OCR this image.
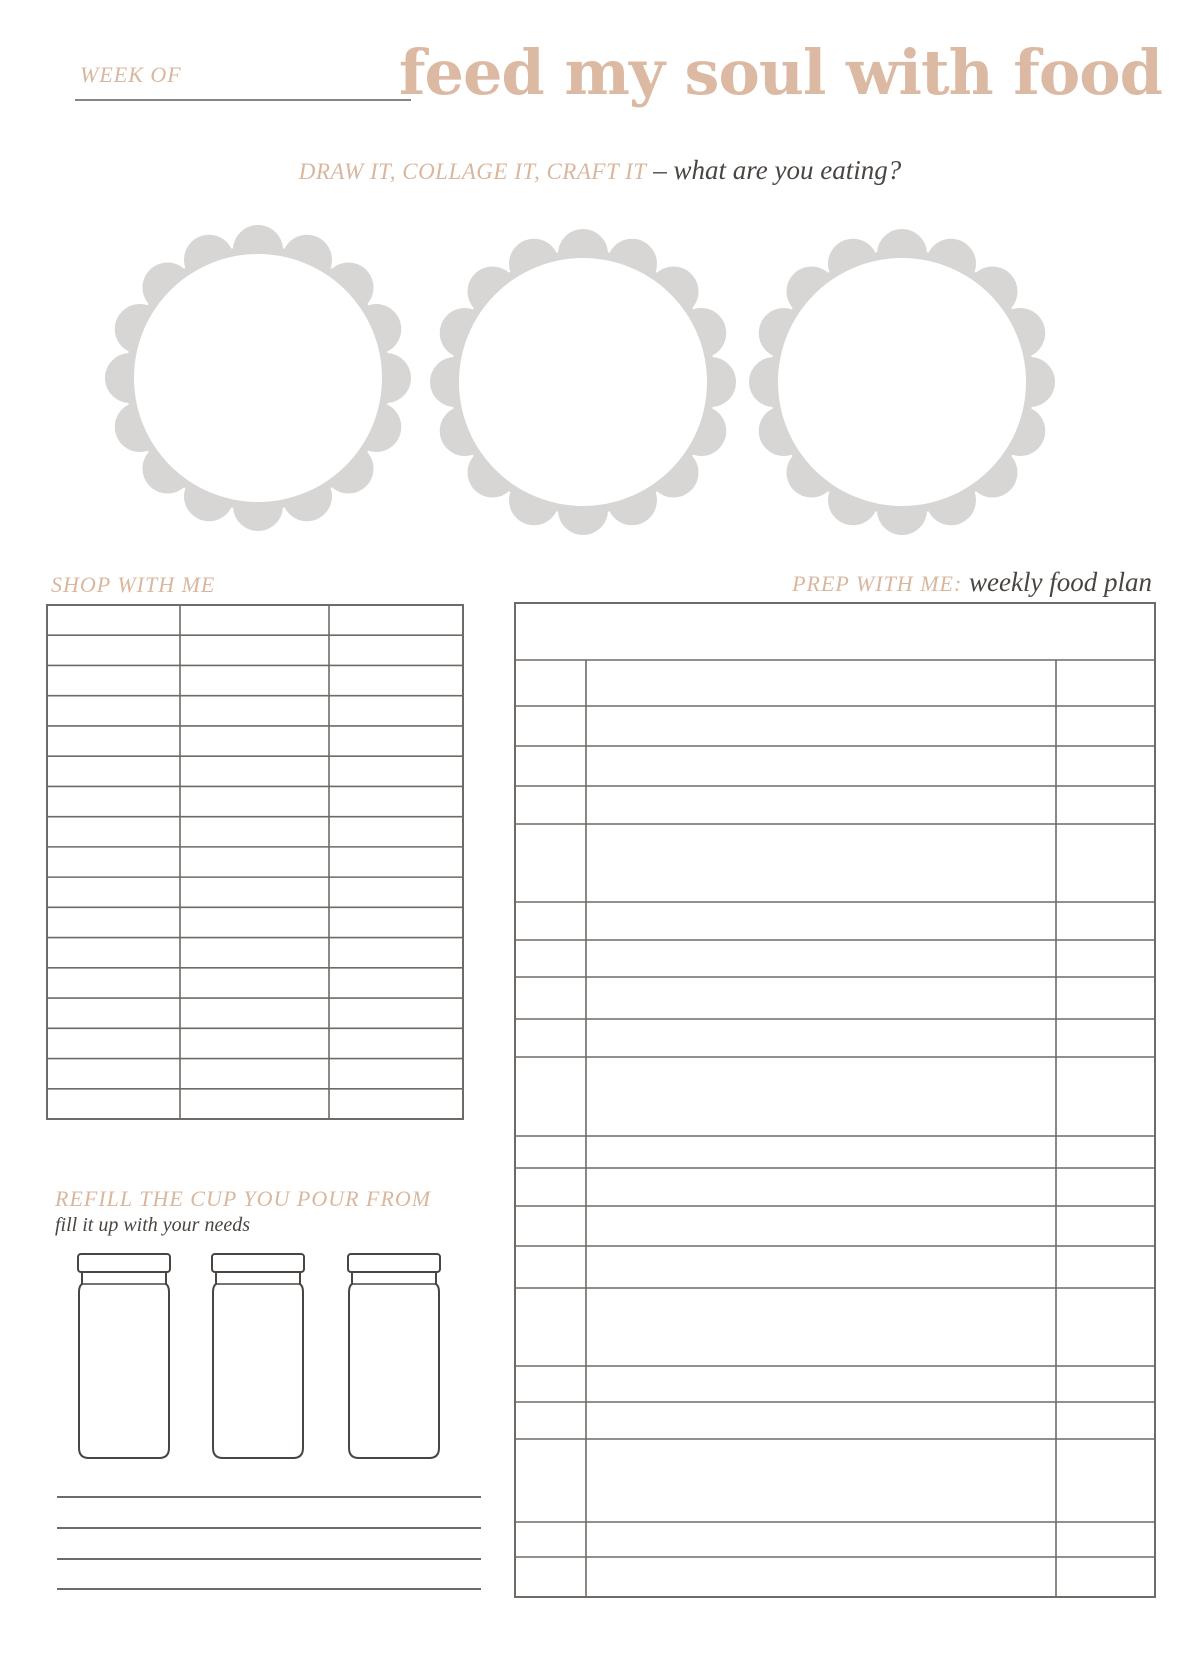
WEEK OF	feed my soul with food
DRAW IT, COLLAGE IT, CRAFT IT – what are you eating?
SHOP WITH ME	PREP WITH ME: weekly food plan
REFILL THE CUP YOU POUR FROM
fill it up with your needs
